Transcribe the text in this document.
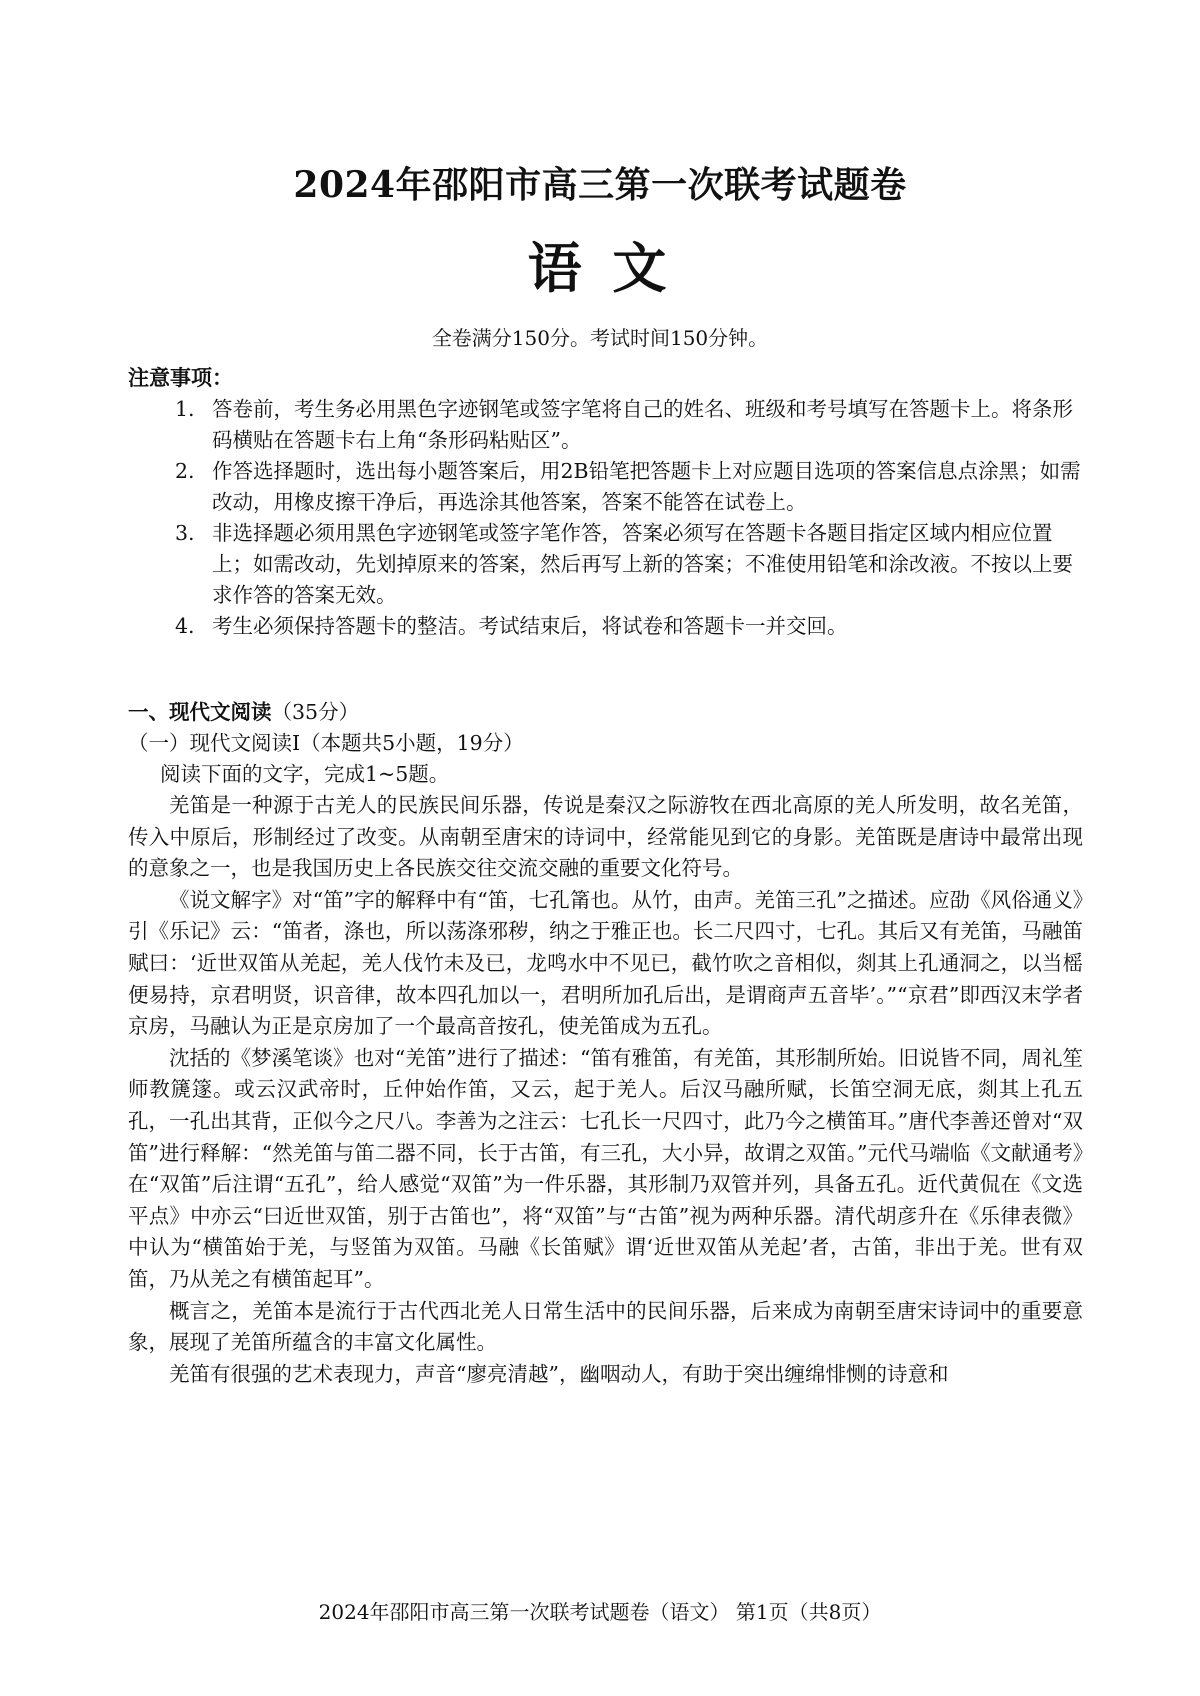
2024年邵阳市高三第一次联考试题卷
语 文
全卷满分150分。考试时间150分钟。
注意事项：

1. 答卷前，考生务必用黑色字迹钢笔或签字笔将自己的姓名、班级和考号填写在答题卡上。将条形码横贴在答题卡右上角“条形码粘贴区”。

2. 作答选择题时，选出每小题答案后，用2B铅笔把答题卡上对应题目选项的答案信息点涂黑；如需改动，用橡皮擦干净后，再选涂其他答案，答案不能答在试卷上。

3. 非选择题必须用黑色字迹钢笔或签字笔作答，答案必须写在答题卡各题目指定区域内相应位置上；如需改动，先划掉原来的答案，然后再写上新的答案；不准使用铅笔和涂改液。不按以上要求作答的答案无效。

4. 考生必须保持答题卡的整洁。考试结束后，将试卷和答题卡一并交回。

一、现代文阅读（35分）
（一）现代文阅读Ⅰ（本题共5小题，19分）
阅读下面的文字，完成1~5题。

羌笛是一种源于古羌人的民族民间乐器，传说是秦汉之际游牧在西北高原的羌人所发明，故名羌笛，传入中原后，形制经过了改变。从南朝至唐宋的诗词中，经常能见到它的身影。羌笛既是唐诗中最常出现的意象之一，也是我国历史上各民族交往交流交融的重要文化符号。

《说文解字》对“笛”字的解释中有“笛，七孔筩也。从竹，由声。羌笛三孔”之描述。应劭《风俗通义》引《乐记》云：“笛者，涤也，所以荡涤邪秽，纳之于雅正也。长二尺四寸，七孔。其后又有羌笛，马融笛赋曰：‘近世双笛从羌起，羌人伐竹未及已，龙鸣水中不见已，截竹吹之音相似，剡其上孔通洞之，以当榣便易持，京君明贤，识音律，故本四孔加以一，君明所加孔后出，是谓商声五音毕’。”“京君”即西汉末学者京房，马融认为正是京房加了一个最高音按孔，使羌笛成为五孔。

沈括的《梦溪笔谈》也对“羌笛”进行了描述：“笛有雅笛，有羌笛，其形制所始。旧说皆不同，周礼笙师教篪篴。或云汉武帝时，丘仲始作笛，又云，起于羌人。后汉马融所赋，长笛空洞无底，剡其上孔五孔，一孔出其背，正似今之尺八。李善为之注云：七孔长一尺四寸，此乃今之横笛耳。”唐代李善还曾对“双笛”进行释解：“然羌笛与笛二器不同，长于古笛，有三孔，大小异，故谓之双笛。”元代马端临《文献通考》在“双笛”后注谓“五孔”，给人感觉“双笛”为一件乐器，其形制乃双管并列，具备五孔。近代黄侃在《文选平点》中亦云“曰近世双笛，别于古笛也”，将“双笛”与“古笛”视为两种乐器。清代胡彦升在《乐律表微》中认为“横笛始于羌，与竖笛为双笛。马融《长笛赋》谓‘近世双笛从羌起’者，古笛，非出于羌。世有双笛，乃从羌之有横笛起耳”。

概言之，羌笛本是流行于古代西北羌人日常生活中的民间乐器，后来成为南朝至唐宋诗词中的重要意象，展现了羌笛所蕴含的丰富文化属性。

羌笛有很强的艺术表现力，声音“廖亮清越”，幽咽动人，有助于突出缠绵悱恻的诗意和

2024年邵阳市高三第一次联考试题卷（语文） 第1页（共8页）
